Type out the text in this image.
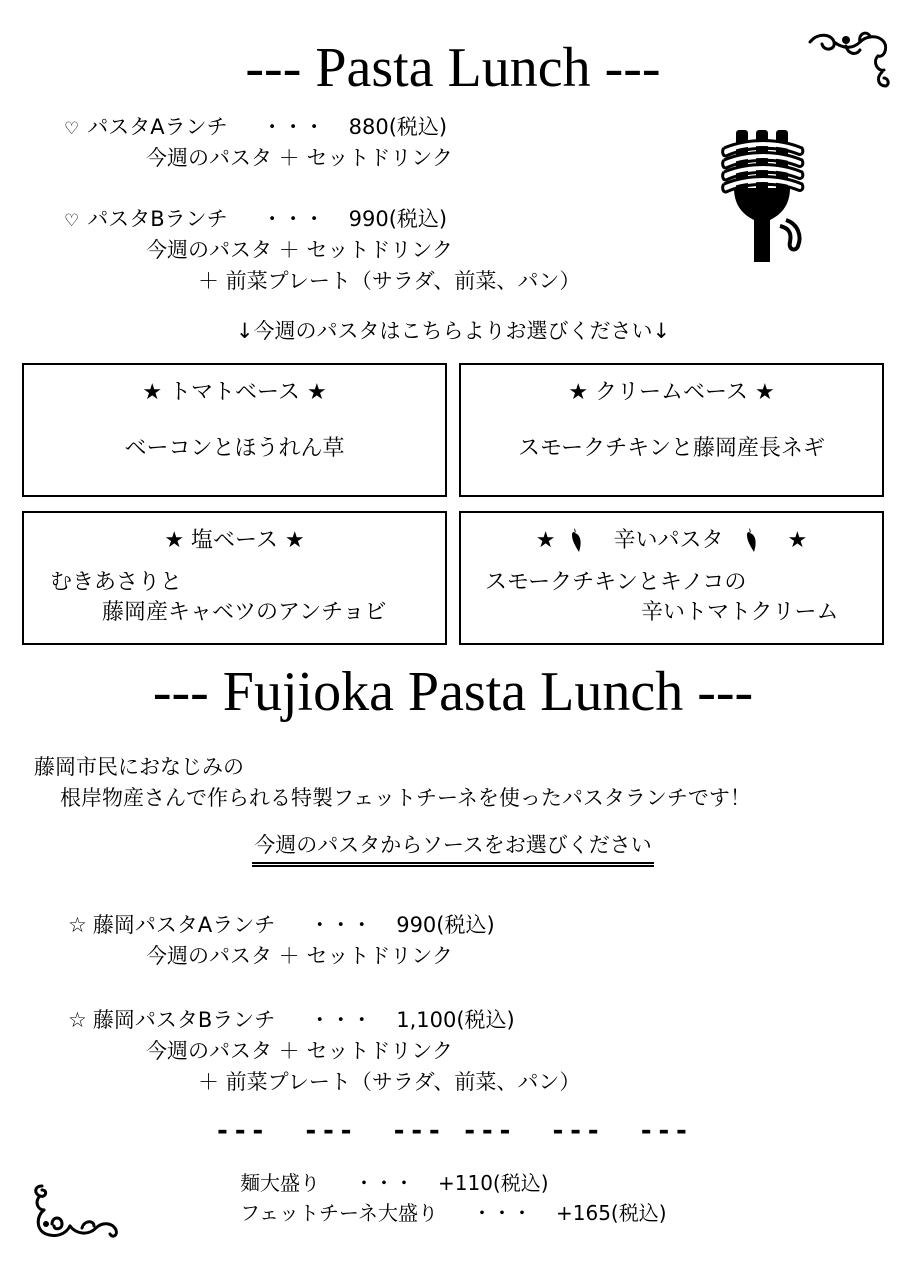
--- Pasta Lunch ---
♡ パスタAランチ ・・・ 880(税込)
今週のパスタ ＋ セットドリンク
♡ パスタBランチ ・・・ 990(税込)
今週のパスタ ＋ セットドリンク
＋ 前菜プレート（サラダ、前菜、パン）
↓今週のパスタはこちらよりお選びください↓
★ トマトベース ★
ベーコンとほうれん草
★ クリームベース ★
スモークチキンと藤岡産長ネギ
★ 塩ベース ★
むきあさりと
藤岡産キャベツのアンチョビ
★	辛いパスタ	★
スモークチキンとキノコの
辛いトマトクリーム
--- Fujioka Pasta Lunch ---
藤岡市民におなじみの
根岸物産さんで作られる特製フェットチーネを使ったパスタランチです！
今週のパスタからソースをお選びください
☆ 藤岡パスタAランチ ・・・ 990(税込)
今週のパスタ ＋ セットドリンク
☆ 藤岡パスタBランチ ・・・ 1,100(税込)
今週のパスタ ＋ セットドリンク
＋ 前菜プレート（サラダ、前菜、パン）
---  ---  --- ---  ---  ---
麺大盛り ・・・ +110(税込)
フェットチーネ大盛り ・・・ +165(税込)
